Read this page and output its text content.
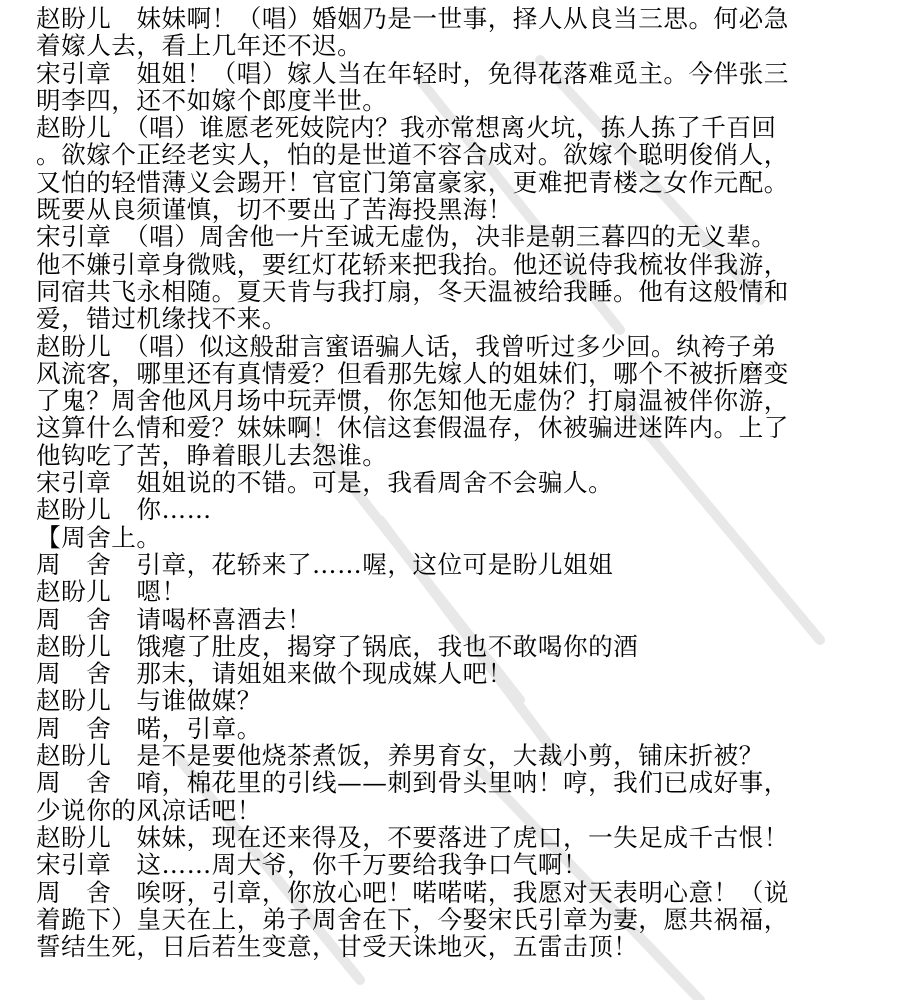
赵盼儿　妹妹啊！（唱）婚姻乃是一世事，择人从良当三思。何必急
着嫁人去，看上几年还不迟。
宋引章　姐姐！（唱）嫁人当在年轻时，免得花落难觅主。今伴张三
明李四，还不如嫁个郎度半世。
赵盼儿　（唱）谁愿老死妓院内？我亦常想离火坑，拣人拣了千百回
。欲嫁个正经老实人，怕的是世道不容合成对。欲嫁个聪明俊俏人，
又怕的轻惜薄义会踢开！官宦门第富豪家，更难把青楼之女作元配。
既要从良须谨慎，切不要出了苦海投黑海！
宋引章　（唱）周舍他一片至诚无虚伪，决非是朝三暮四的无义辈。
他不嫌引章身微贱，要红灯花轿来把我抬。他还说侍我梳妆伴我游，
同宿共飞永相随。夏天肯与我打扇，冬天温被给我睡。他有这般情和
爱，错过机缘找不来。
赵盼儿　（唱）似这般甜言蜜语骗人话，我曾听过多少回。纨袴子弟
风流客，哪里还有真情爱？但看那先嫁人的姐妹们，哪个不被折磨变
了鬼？周舍他风月场中玩弄惯，你怎知他无虚伪？打扇温被伴你游，
这算什么情和爱？妹妹啊！休信这套假温存，休被骗进迷阵内。上了
他钩吃了苦，睁着眼儿去怨谁。
宋引章　姐姐说的不错。可是，我看周舍不会骗人。
赵盼儿　你……
【周舍上。
周　舍　引章，花轿来了……喔，这位可是盼儿姐姐
赵盼儿　嗯！
周　舍　请喝杯喜酒去！
赵盼儿　饿瘪了肚皮，揭穿了锅底，我也不敢喝你的酒
周　舍　那末，请姐姐来做个现成媒人吧！
赵盼儿　与谁做媒？
周　舍　喏，引章。
赵盼儿　是不是要他烧茶煮饭，养男育女，大裁小剪，铺床折被？
周　舍　唷，棉花里的引线——刺到骨头里呐！哼，我们已成好事，
少说你的风凉话吧！
赵盼儿　妹妹，现在还来得及，不要落进了虎口，一失足成千古恨！
宋引章　这……周大爷，你千万要给我争口气啊！
周　舍　唉呀，引章，你放心吧！喏喏喏，我愿对天表明心意！（说
着跪下）皇天在上，弟子周舍在下，今娶宋氏引章为妻，愿共祸福，
誓结生死，日后若生变意，甘受天诛地灭，五雷击顶！
